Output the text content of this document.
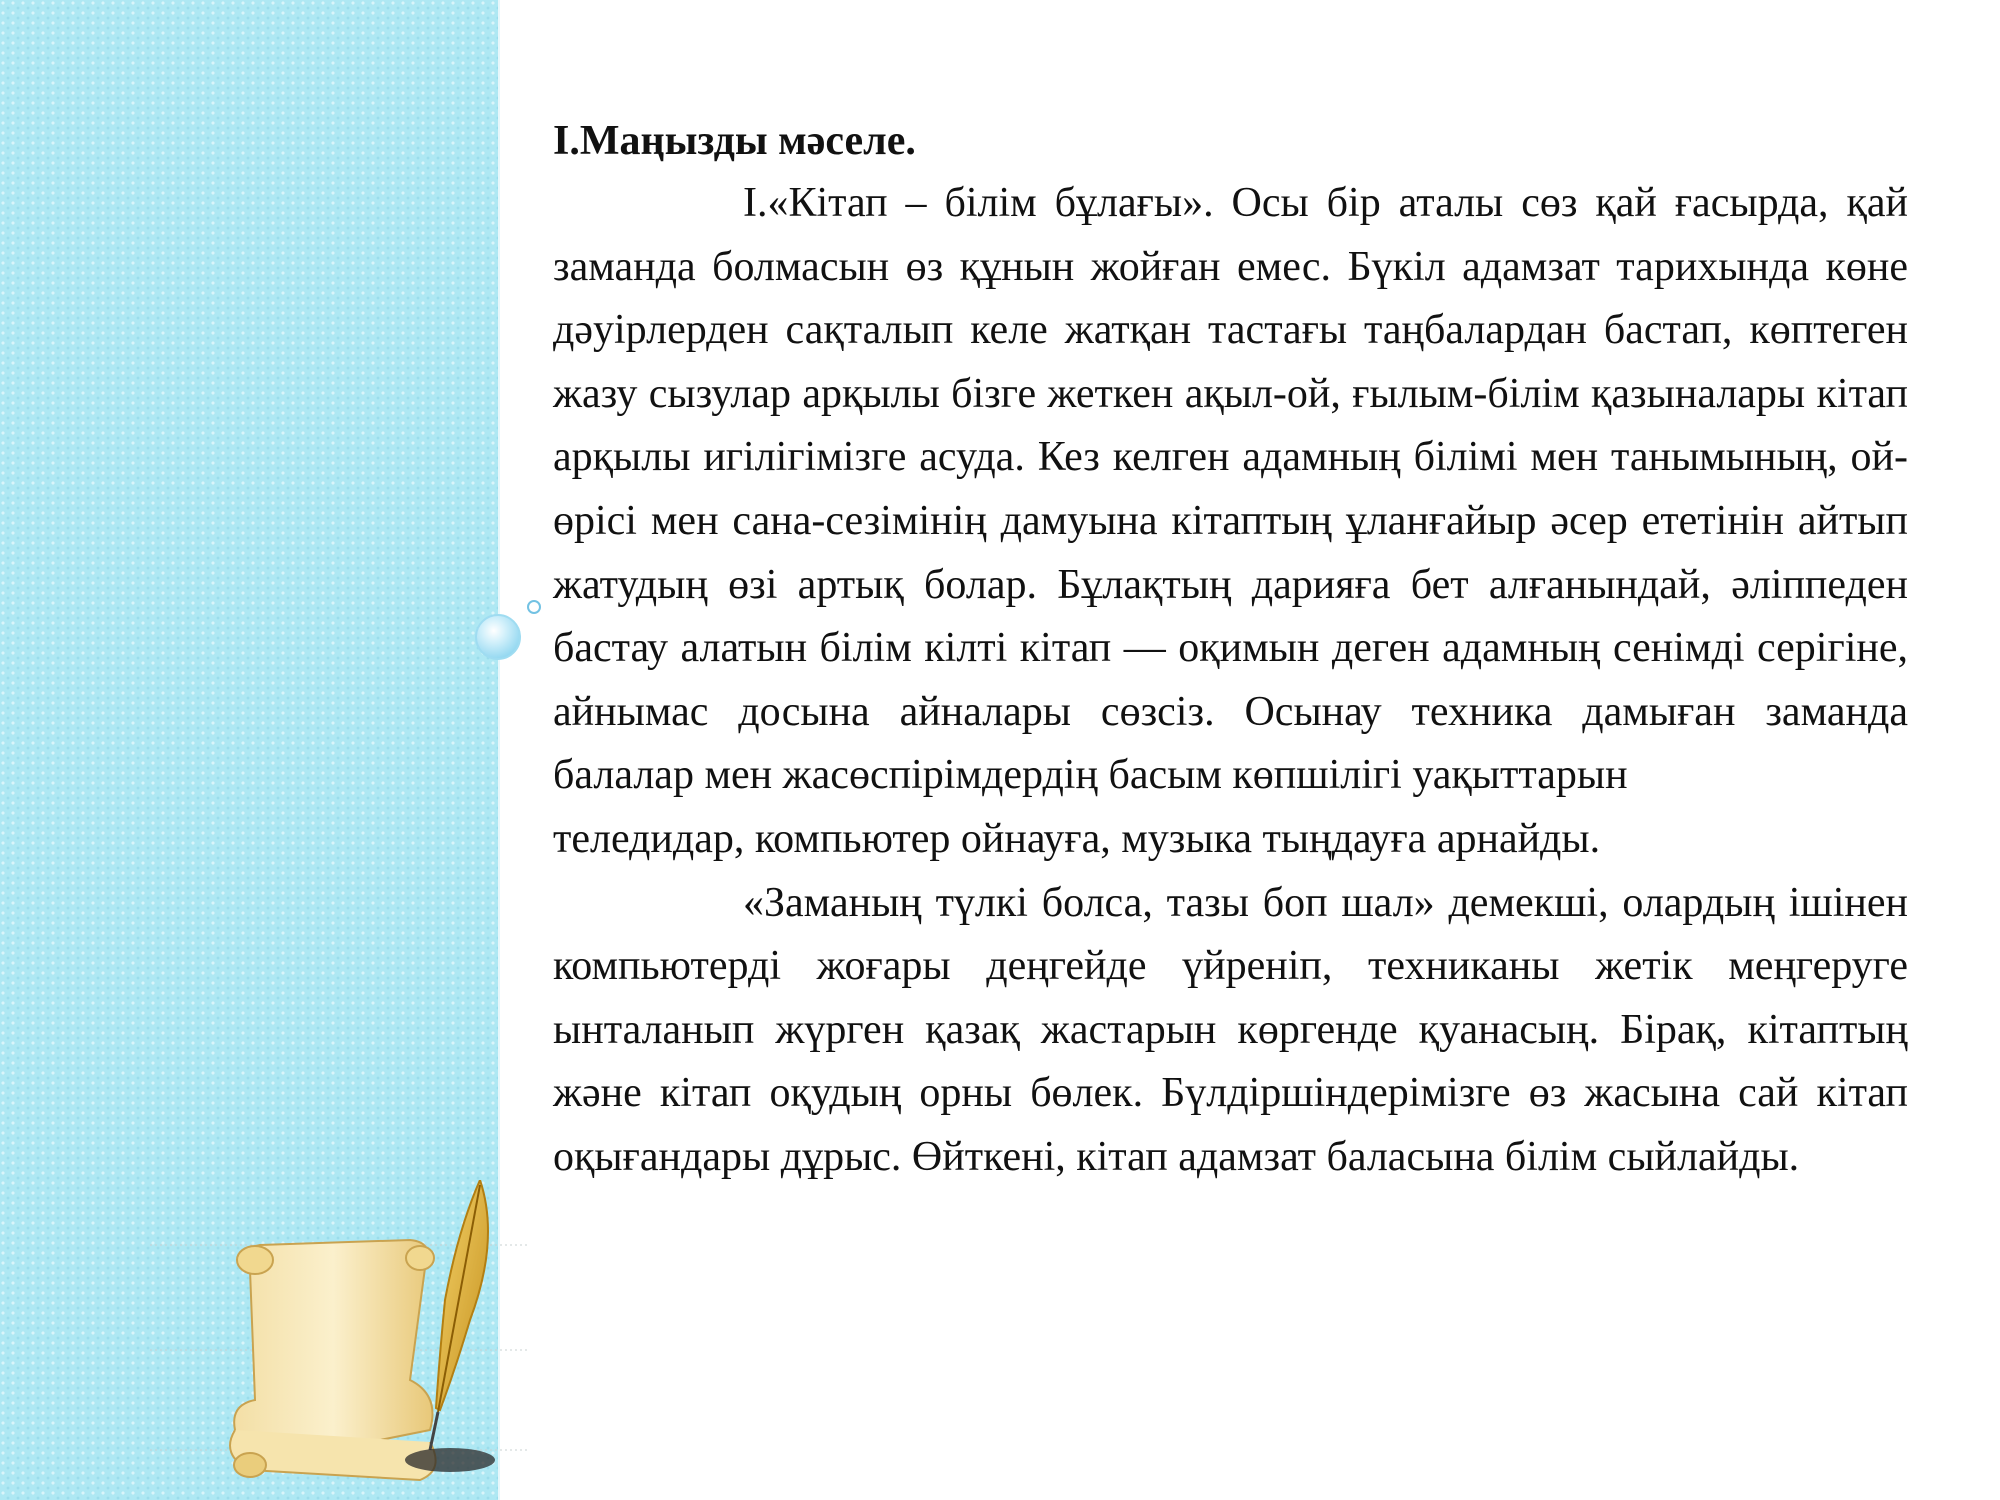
I.Маңызды мәселе.

I.«Кітап – білім бұлағы». Осы бір аталы сөз қай ғасырда, қай заманда болмасын өз құнын жойған емес. Бүкіл адамзат тарихында көне дәуірлерден сақталып келе жатқан тастағы таңбалардан бастап, көптеген жазу сызулар арқылы бізге жеткен ақыл-ой, ғылым-білім қазыналары кітап арқылы игілігімізге асуда. Кез келген адамның білімі мен танымының, ой-өрісі мен сана-сезімінің дамуына кітаптың ұланғайыр әсер ететінін айтып жатудың өзі артық болар. Бұлақтың дарияға бет алғанындай, әліппеден бастау алатын білім кілті кітап — оқимын деген адамның сенімді серігіне, айнымас досына айналары сөзсіз. Осынау техника дамыған заманда балалар мен жасөспірімдердің басым көпшілігі уақыттарын

теледидар, компьютер ойнауға, музыка тыңдауға арнайды.

«Заманың түлкі болса, тазы боп шал» демекші, олардың ішінен компьютерді жоғары деңгейде үйреніп, техниканы жетік меңгеруге ынталанып жүрген қазақ жастарын көргенде қуанасың. Бірақ, кітаптың және кітап оқудың орны бөлек. Бүлдіршіндерімізге өз жасына сай кітап оқығандары дұрыс. Өйткені, кітап адамзат баласына білім сыйлайды.
